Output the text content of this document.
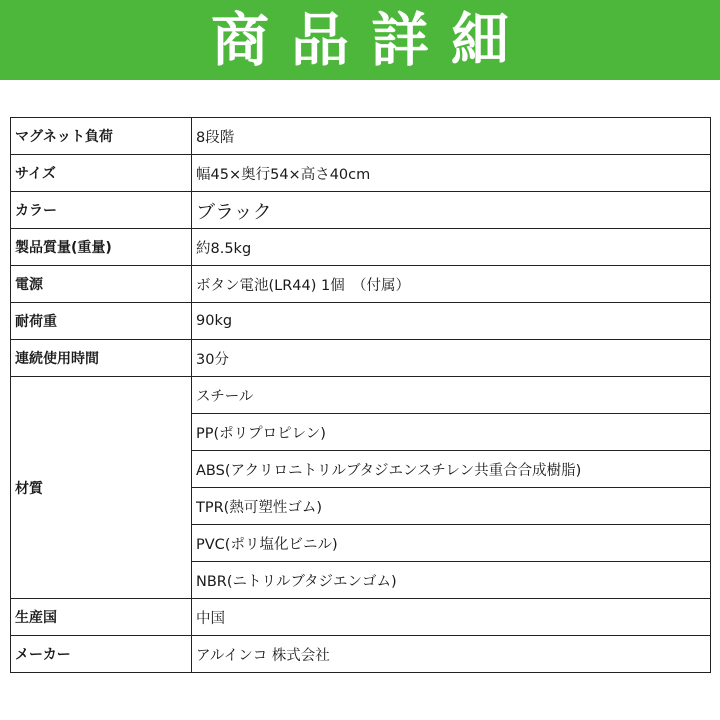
商品詳細
マグネット負荷	8段階
サイズ	幅45×奥行54×高さ40cm
カラー	ブラック
製品質量(重量)	約8.5kg
電源	ボタン電池(LR44) 1個　（付属）
耐荷重	90kg
連続使用時間	30分
材質	スチール
	PP(ポリプロピレン)
	ABS(アクリロニトリルブタジエンスチレン共重合合成樹脂)
	TPR(熱可塑性ゴム)
	PVC(ポリ塩化ビニル)
	NBR(ニトリルブタジエンゴム)
生産国	中国
メーカー	アルインコ 株式会社
